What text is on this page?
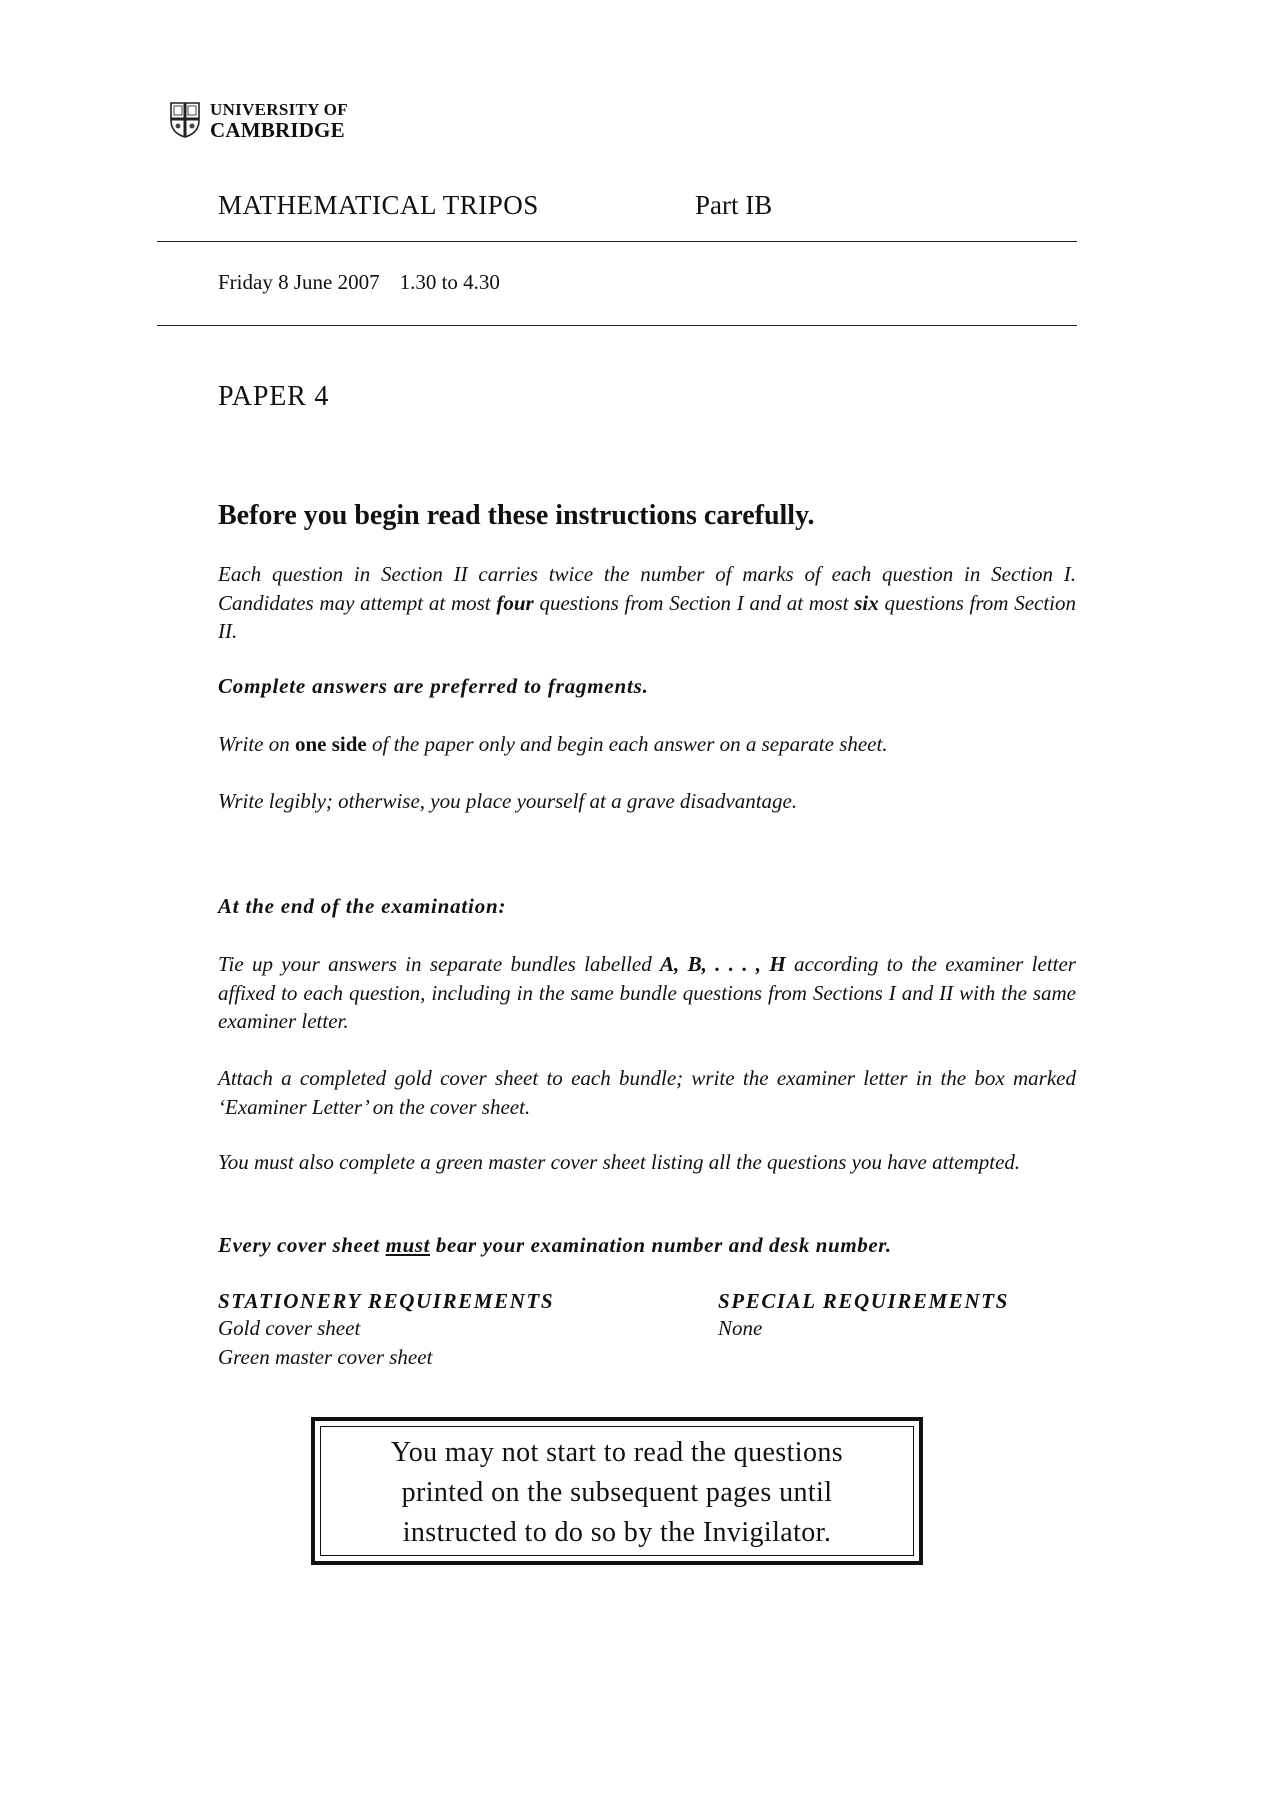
UNIVERSITY OF
CAMBRIDGE
MATHEMATICAL TRIPOS	Part IB
Friday 8 June 2007 1.30 to 4.30
PAPER 4
Before you begin read these instructions carefully.
Each question in Section II carries twice the number of marks of each question in Section I. Candidates may attempt at most four questions from Section I and at most six questions from Section II.
Complete answers are preferred to fragments.
Write on one side of the paper only and begin each answer on a separate sheet.
Write legibly; otherwise, you place yourself at a grave disadvantage.
At the end of the examination:
Tie up your answers in separate bundles labelled A, B, . . . , H according to the examiner letter affixed to each question, including in the same bundle questions from Sections I and II with the same examiner letter.
Attach a completed gold cover sheet to each bundle; write the examiner letter in the box marked ‘Examiner Letter’ on the cover sheet.
You must also complete a green master cover sheet listing all the questions you have attempted.
Every cover sheet must bear your examination number and desk number.
STATIONERY REQUIREMENTS
Gold cover sheet
Green master cover sheet
SPECIAL REQUIREMENTS
None
You may not start to read the questions
printed on the subsequent pages until
instructed to do so by the Invigilator.
